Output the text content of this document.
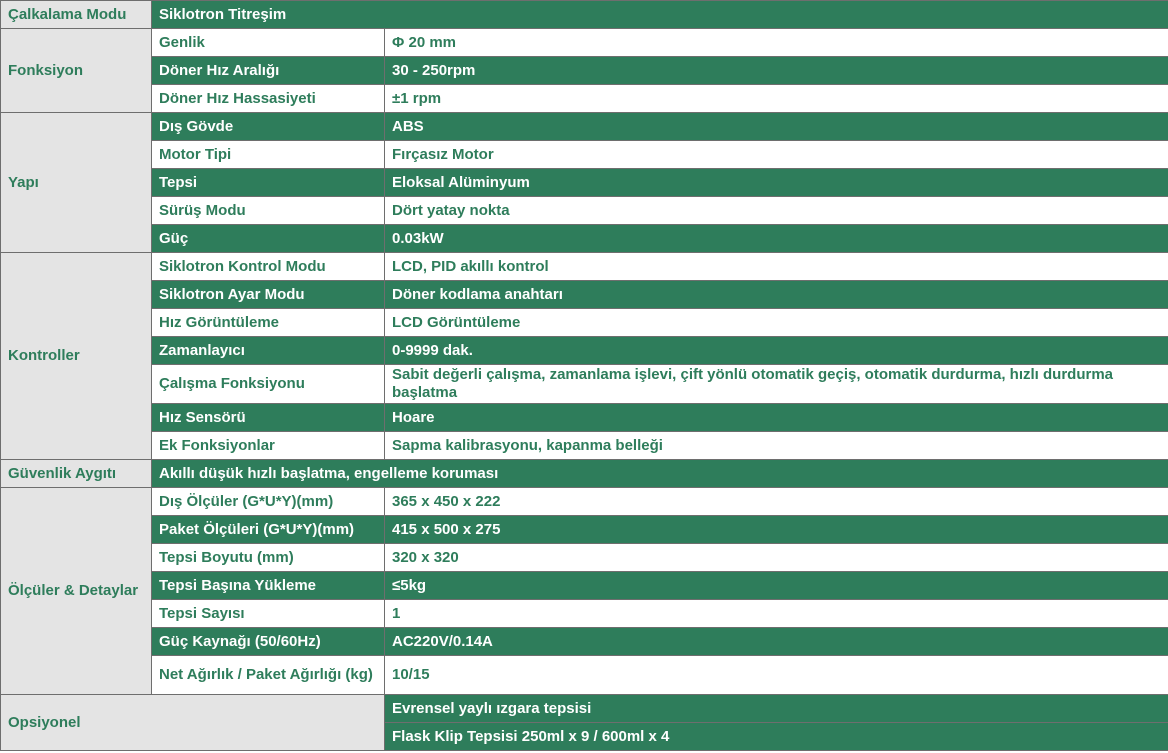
Çalkalama Modu	Siklotron Titreşim	
Fonksiyon	Genlik	Φ 20 mm
	Döner Hız Aralığı	30 - 250rpm
	Döner Hız Hassasiyeti	±1 rpm
Yapı	Dış Gövde	ABS
	Motor Tipi	Fırçasız Motor
	Tepsi	Eloksal Alüminyum
	Sürüş Modu	Dört yatay nokta
	Güç	0.03kW
Kontroller	Siklotron Kontrol Modu	LCD, PID akıllı kontrol
	Siklotron Ayar Modu	Döner kodlama anahtarı
	Hız Görüntüleme	LCD Görüntüleme
	Zamanlayıcı	0-9999 dak.
	Çalışma Fonksiyonu	Sabit değerli çalışma, zamanlama işlevi, çift yönlü otomatik geçiş, otomatik durdurma, hızlı durdurma başlatma
	Hız Sensörü	Hoare
	Ek Fonksiyonlar	Sapma kalibrasyonu, kapanma belleği
Güvenlik Aygıtı	Akıllı düşük hızlı başlatma, engelleme koruması	
Ölçüler & Detaylar	Dış Ölçüler (G*U*Y)(mm)	365 x 450 x 222
	Paket Ölçüleri (G*U*Y)(mm)	415 x 500 x 275
	Tepsi Boyutu (mm)	320 x 320
	Tepsi Başına Yükleme	≤5kg
	Tepsi Sayısı	1
	Güç Kaynağı (50/60Hz)	AC220V/0.14A
	Net Ağırlık / Paket Ağırlığı (kg)	10/15
Opsiyonel		Evrensel yaylı ızgara tepsisi
		Flask Klip Tepsisi 250ml x 9 / 600ml x 4
